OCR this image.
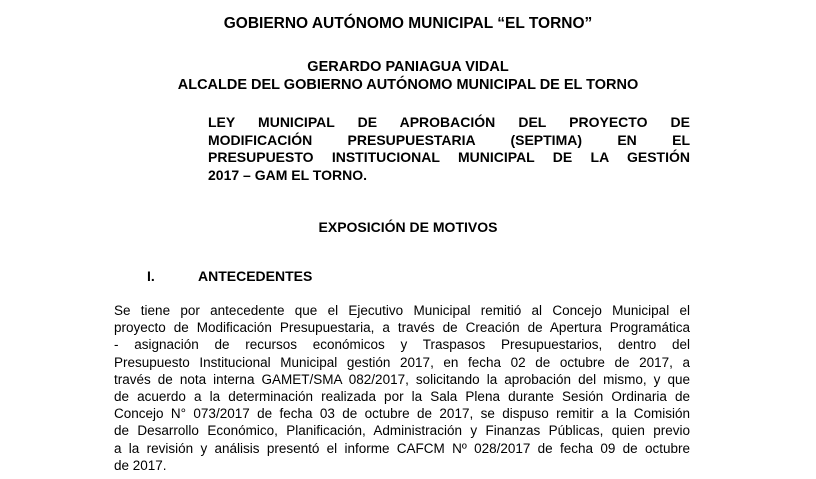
GOBIERNO AUTÓNOMO MUNICIPAL “EL TORNO”
GERARDO PANIAGUA VIDAL
ALCALDE DEL GOBIERNO AUTÓNOMO MUNICIPAL DE EL TORNO
LEY MUNICIPAL DE APROBACIÓN DEL PROYECTO DE
MODIFICACIÓN PRESUPUESTARIA (SEPTIMA) EN EL
PRESUPUESTO INSTITUCIONAL MUNICIPAL DE LA GESTIÓN
2017 – GAM EL TORNO.
EXPOSICIÓN DE MOTIVOS
I.	ANTECEDENTES
Se tiene por antecedente que el Ejecutivo Municipal remitió al Concejo Municipal el
proyecto de Modificación Presupuestaria, a través de Creación de Apertura Programática
- asignación de recursos económicos y Traspasos Presupuestarios, dentro del
Presupuesto Institucional Municipal gestión 2017, en fecha 02 de octubre de 2017, a
través de nota interna GAMET/SMA 082/2017, solicitando la aprobación del mismo, y que
de acuerdo a la determinación realizada por la Sala Plena durante Sesión Ordinaria de
Concejo N° 073/2017 de fecha 03 de octubre de 2017, se dispuso remitir a la Comisión
de Desarrollo Económico, Planificación, Administración y Finanzas Públicas, quien previo
a la revisión y análisis presentó el informe CAFCM Nº 028/2017 de fecha 09 de octubre
de 2017.
